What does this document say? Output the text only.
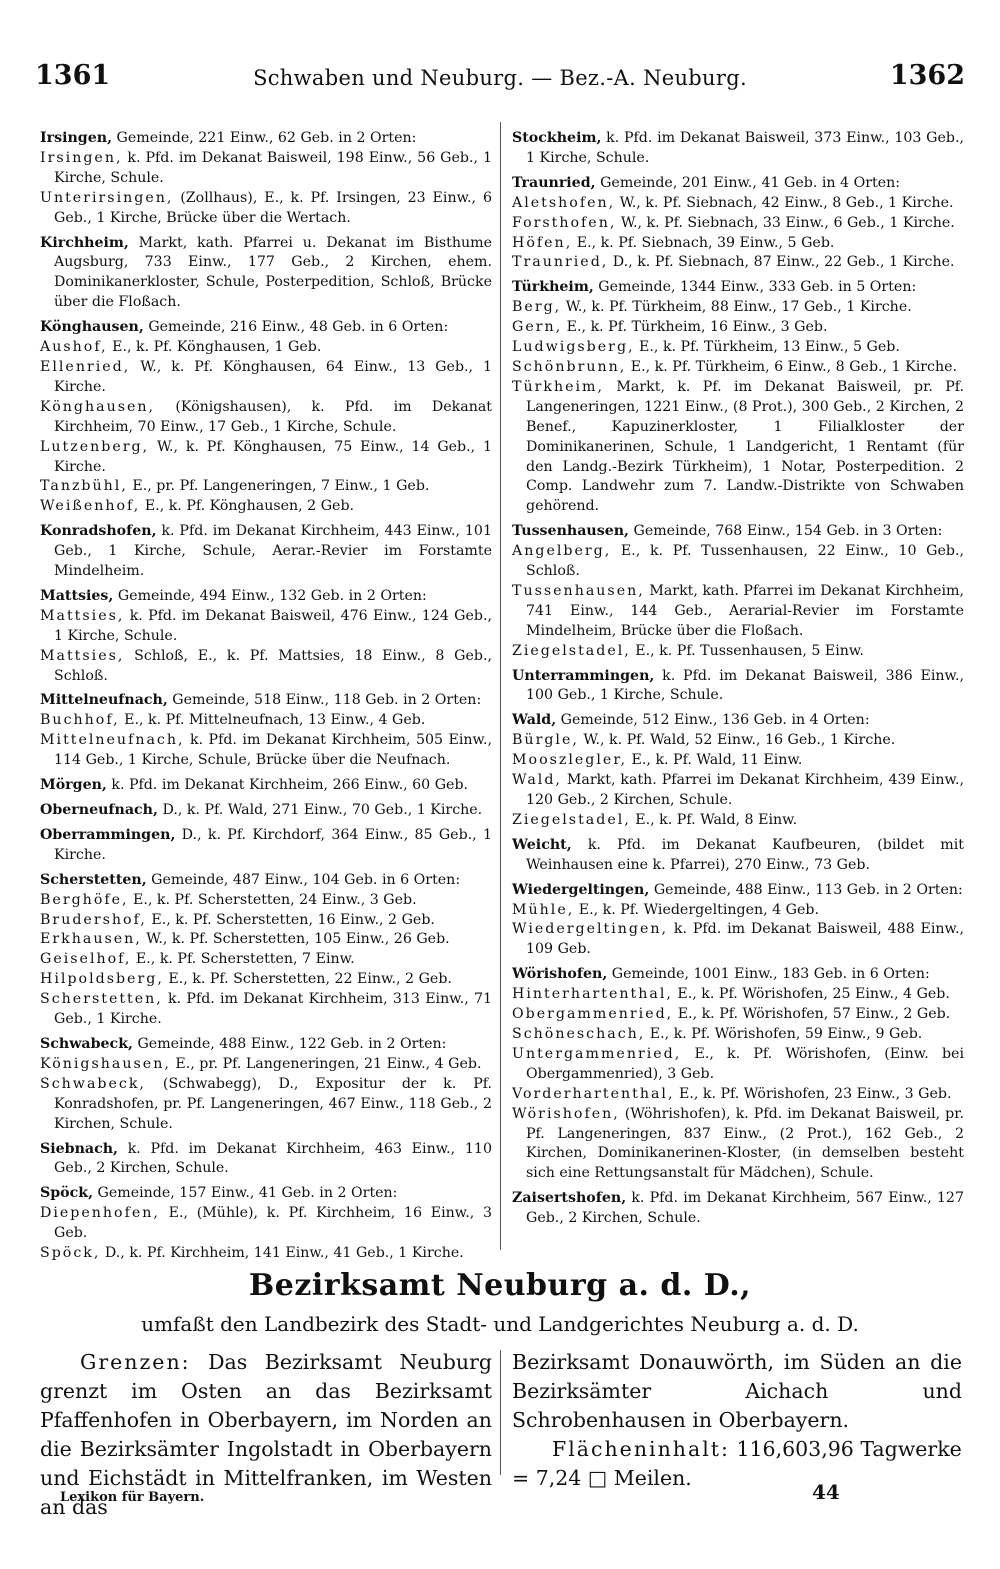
1361	Schwaben und Neuburg. — Bez.-A. Neuburg.	1362
Irsingen, Gemeinde, 221 Einw., 62 Geb. in 2 Orten:
Irsingen, k. Pfd. im Dekanat Baisweil, 198 Einw., 56 Geb., 1 Kirche, Schule.
Unterirsingen, (Zollhaus), E., k. Pf. Irsingen, 23 Einw., 6 Geb., 1 Kirche, Brücke über die Wertach.
Kirchheim, Markt, kath. Pfarrei u. Dekanat im Bisthume Augsburg, 733 Einw., 177 Geb., 2 Kirchen, ehem. Dominikanerkloster, Schule, Posterpedition, Schloß, Brücke über die Floßach.
Könghausen, Gemeinde, 216 Einw., 48 Geb. in 6 Orten:
Aushof, E., k. Pf. Könghausen, 1 Geb.
Ellenried, W., k. Pf. Könghausen, 64 Einw., 13 Geb., 1 Kirche.
Könghausen, (Königshausen), k. Pfd. im Dekanat Kirchheim, 70 Einw., 17 Geb., 1 Kirche, Schule.
Lutzenberg, W., k. Pf. Könghausen, 75 Einw., 14 Geb., 1 Kirche.
Tanzbühl, E., pr. Pf. Langeneringen, 7 Einw., 1 Geb.
Weißenhof, E., k. Pf. Könghausen, 2 Geb.
Konradshofen, k. Pfd. im Dekanat Kirchheim, 443 Einw., 101 Geb., 1 Kirche, Schule, Aerar.-Revier im Forstamte Mindelheim.
Mattsies, Gemeinde, 494 Einw., 132 Geb. in 2 Orten:
Mattsies, k. Pfd. im Dekanat Baisweil, 476 Einw., 124 Geb., 1 Kirche, Schule.
Mattsies, Schloß, E., k. Pf. Mattsies, 18 Einw., 8 Geb., Schloß.
Mittelneufnach, Gemeinde, 518 Einw., 118 Geb. in 2 Orten:
Buchhof, E., k. Pf. Mittelneufnach, 13 Einw., 4 Geb.
Mittelneufnach, k. Pfd. im Dekanat Kirchheim, 505 Einw., 114 Geb., 1 Kirche, Schule, Brücke über die Neufnach.
Mörgen, k. Pfd. im Dekanat Kirchheim, 266 Einw., 60 Geb.
Oberneufnach, D., k. Pf. Wald, 271 Einw., 70 Geb., 1 Kirche.
Oberrammingen, D., k. Pf. Kirchdorf, 364 Einw., 85 Geb., 1 Kirche.
Scherstetten, Gemeinde, 487 Einw., 104 Geb. in 6 Orten:
Berghöfe, E., k. Pf. Scherstetten, 24 Einw., 3 Geb.
Brudershof, E., k. Pf. Scherstetten, 16 Einw., 2 Geb.
Erkhausen, W., k. Pf. Scherstetten, 105 Einw., 26 Geb.
Geiselhof, E., k. Pf. Scherstetten, 7 Einw.
Hilpoldsberg, E., k. Pf. Scherstetten, 22 Einw., 2 Geb.
Scherstetten, k. Pfd. im Dekanat Kirchheim, 313 Einw., 71 Geb., 1 Kirche.
Schwabeck, Gemeinde, 488 Einw., 122 Geb. in 2 Orten:
Königshausen, E., pr. Pf. Langeneringen, 21 Einw., 4 Geb.
Schwabeck, (Schwabegg), D., Expositur der k. Pf. Konradshofen, pr. Pf. Langeneringen, 467 Einw., 118 Geb., 2 Kirchen, Schule.
Siebnach, k. Pfd. im Dekanat Kirchheim, 463 Einw., 110 Geb., 2 Kirchen, Schule.
Spöck, Gemeinde, 157 Einw., 41 Geb. in 2 Orten:
Diepenhofen, E., (Mühle), k. Pf. Kirchheim, 16 Einw., 3 Geb.
Spöck, D., k. Pf. Kirchheim, 141 Einw., 41 Geb., 1 Kirche.
Stockheim, k. Pfd. im Dekanat Baisweil, 373 Einw., 103 Geb., 1 Kirche, Schule.
Traunried, Gemeinde, 201 Einw., 41 Geb. in 4 Orten:
Aletshofen, W., k. Pf. Siebnach, 42 Einw., 8 Geb., 1 Kirche.
Forsthofen, W., k. Pf. Siebnach, 33 Einw., 6 Geb., 1 Kirche.
Höfen, E., k. Pf. Siebnach, 39 Einw., 5 Geb.
Traunried, D., k. Pf. Siebnach, 87 Einw., 22 Geb., 1 Kirche.
Türkheim, Gemeinde, 1344 Einw., 333 Geb. in 5 Orten:
Berg, W., k. Pf. Türkheim, 88 Einw., 17 Geb., 1 Kirche.
Gern, E., k. Pf. Türkheim, 16 Einw., 3 Geb.
Ludwigsberg, E., k. Pf. Türkheim, 13 Einw., 5 Geb.
Schönbrunn, E., k. Pf. Türkheim, 6 Einw., 8 Geb., 1 Kirche.
Türkheim, Markt, k. Pf. im Dekanat Baisweil, pr. Pf. Langeneringen, 1221 Einw., (8 Prot.), 300 Geb., 2 Kirchen, 2 Benef., Kapuzinerkloster, 1 Filialkloster der Dominikanerinen, Schule, 1 Landgericht, 1 Rentamt (für den Landg.-Bezirk Türkheim), 1 Notar, Posterpedition. 2 Comp. Landwehr zum 7. Landw.-Distrikte von Schwaben gehörend.
Tussenhausen, Gemeinde, 768 Einw., 154 Geb. in 3 Orten:
Angelberg, E., k. Pf. Tussenhausen, 22 Einw., 10 Geb., Schloß.
Tussenhausen, Markt, kath. Pfarrei im Dekanat Kirchheim, 741 Einw., 144 Geb., Aerarial-Revier im Forstamte Mindelheim, Brücke über die Floßach.
Ziegelstadel, E., k. Pf. Tussenhausen, 5 Einw.
Unterrammingen, k. Pfd. im Dekanat Baisweil, 386 Einw., 100 Geb., 1 Kirche, Schule.
Wald, Gemeinde, 512 Einw., 136 Geb. in 4 Orten:
Bürgle, W., k. Pf. Wald, 52 Einw., 16 Geb., 1 Kirche.
Mooszlegler, E., k. Pf. Wald, 11 Einw.
Wald, Markt, kath. Pfarrei im Dekanat Kirchheim, 439 Einw., 120 Geb., 2 Kirchen, Schule.
Ziegelstadel, E., k. Pf. Wald, 8 Einw.
Weicht, k. Pfd. im Dekanat Kaufbeuren, (bildet mit Weinhausen eine k. Pfarrei), 270 Einw., 73 Geb.
Wiedergeltingen, Gemeinde, 488 Einw., 113 Geb. in 2 Orten:
Mühle, E., k. Pf. Wiedergeltingen, 4 Geb.
Wiedergeltingen, k. Pfd. im Dekanat Baisweil, 488 Einw., 109 Geb.
Wörishofen, Gemeinde, 1001 Einw., 183 Geb. in 6 Orten:
Hinterhartenthal, E., k. Pf. Wörishofen, 25 Einw., 4 Geb.
Obergammenried, E., k. Pf. Wörishofen, 57 Einw., 2 Geb.
Schöneschach, E., k. Pf. Wörishofen, 59 Einw., 9 Geb.
Untergammenried, E., k. Pf. Wörishofen, (Einw. bei Obergammenried), 3 Geb.
Vorderhartenthal, E., k. Pf. Wörishofen, 23 Einw., 3 Geb.
Wörishofen, (Wöhrishofen), k. Pfd. im Dekanat Baisweil, pr. Pf. Langeneringen, 837 Einw., (2 Prot.), 162 Geb., 2 Kirchen, Dominikanerinen-Kloster, (in demselben besteht sich eine Rettungsanstalt für Mädchen), Schule.
Zaisertshofen, k. Pfd. im Dekanat Kirchheim, 567 Einw., 127 Geb., 2 Kirchen, Schule.
Bezirksamt Neuburg a. d. D.,
umfaßt den Landbezirk des Stadt- und Landgerichtes Neuburg a. d. D.
Grenzen: Das Bezirksamt Neuburg grenzt im Osten an das Bezirksamt Pfaffenhofen in Oberbayern, im Norden an die Bezirksämter Ingolstadt in Oberbayern und Eichstädt in Mittelfranken, im Westen an das
Bezirksamt Donauwörth, im Süden an die Bezirksämter Aichach und Schrobenhausen in Oberbayern.
Flächeninhalt: 116,603,96 Tagwerke
= 7,24 □ Meilen.
Lexikon für Bayern.	44
